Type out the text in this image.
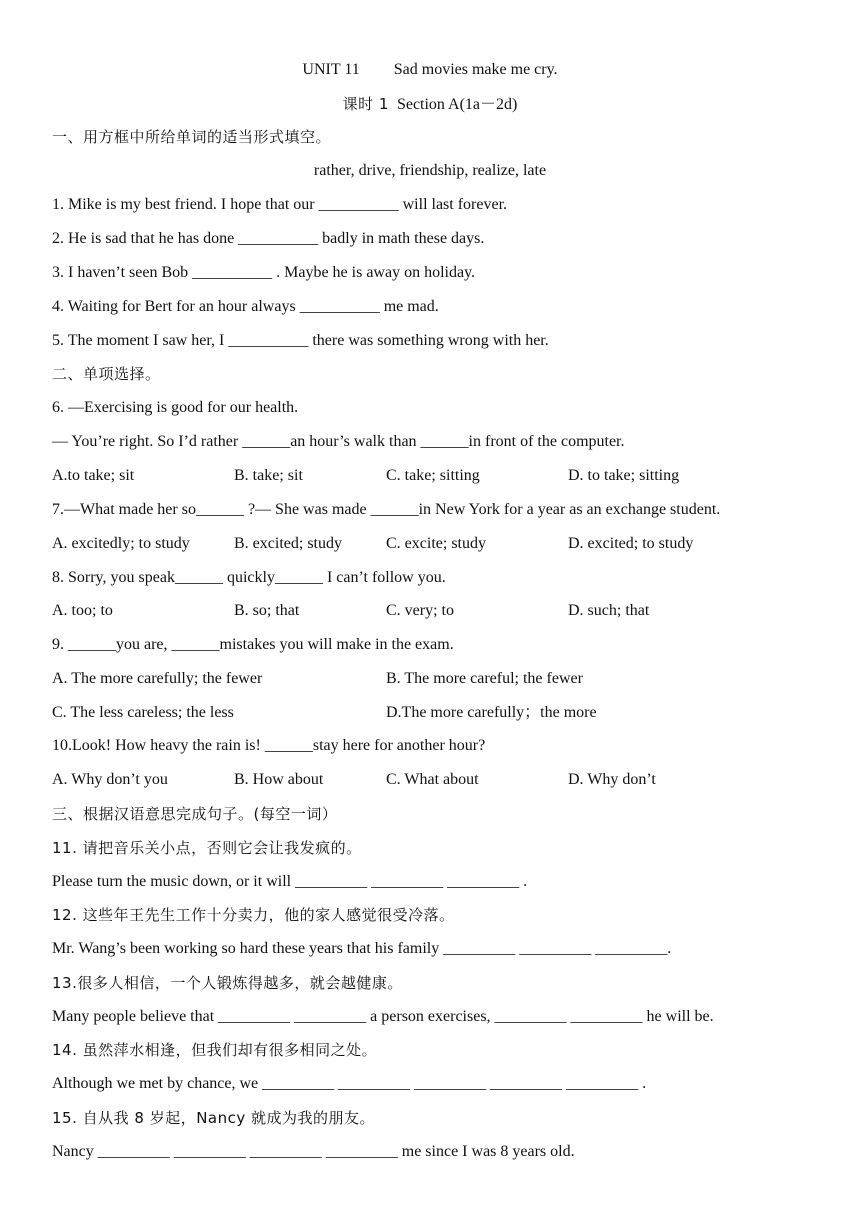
UNIT 11 Sad movies make me cry.
课时 1 Section A(1a－2d)
一、用方框中所给单词的适当形式填空。
rather, drive, friendship, realize, late
1. Mike is my best friend. I hope that our __________ will last forever.
2. He is sad that he has done __________ badly in math these days.
3. I haven’t seen Bob __________ . Maybe he is away on holiday.
4. Waiting for Bert for an hour always __________ me mad.
5. The moment I saw her, I __________ there was something wrong with her.
二、单项选择。
6. —Exercising is good for our health.
— You’re right. So I’d rather ______an hour’s walk than ______in front of the computer.
A.to take; sit	B. take; sit	C. take; sitting	D. to take; sitting
7.—What made her so______ ?— She was made ______in New York for a year as an exchange student.
A. excitedly; to study	B. excited; study	C. excite; study	D. excited; to study
8. Sorry, you speak______ quickly______ I can’t follow you.
A. too; to	B. so; that	C. very; to	D. such; that
9. ______you are, ______mistakes you will make in the exam.
A. The more carefully; the fewer	B. The more careful; the fewer
C. The less careless; the less	D.The more carefully；the more
10.Look! How heavy the rain is! ______stay here for another hour?
A. Why don’t you	B. How about	C. What about	D. Why don’t
三、根据汉语意思完成句子。(每空一词）
11. 请把音乐关小点，否则它会让我发疯的。
Please turn the music down, or it will _________ _________ _________ .
12. 这些年王先生工作十分卖力，他的家人感觉很受冷落。
Mr. Wang’s been working so hard these years that his family _________ _________ _________.
13.很多人相信，一个人锻炼得越多，就会越健康。
Many people believe that _________ _________ a person exercises, _________ _________ he will be.
14. 虽然萍水相逢，但我们却有很多相同之处。
Although we met by chance, we _________ _________ _________ _________ _________ .
15. 自从我 8 岁起，Nancy 就成为我的朋友。
Nancy _________ _________ _________ _________ me since I was 8 years old.
